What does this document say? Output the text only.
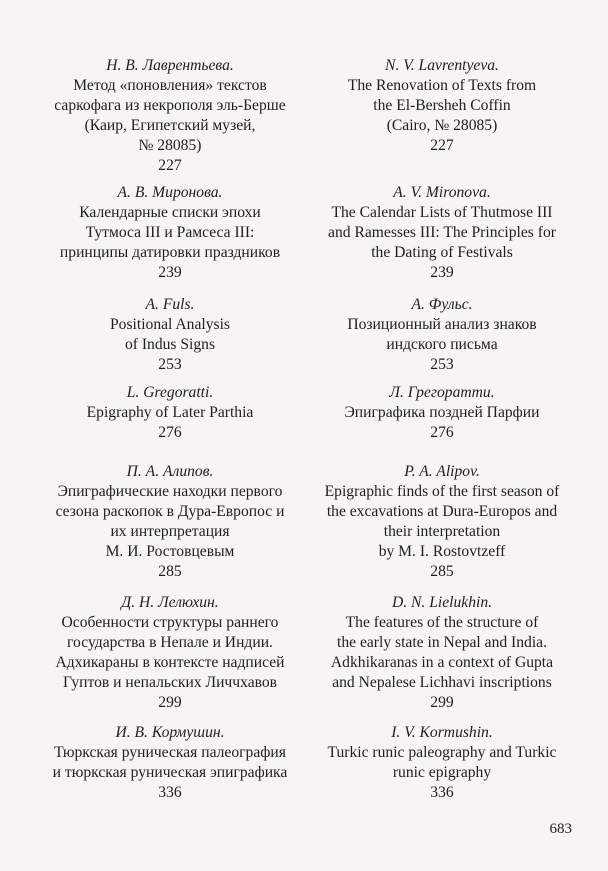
Н. В. Лаврентьева.
Метод «поновления» текстов
саркофага из некрополя эль-Берше
(Каир, Египетский музей,
№ 28085)
227
N. V. Lavrentyeva.
The Renovation of Texts from
the El-Bersheh Coffin
(Cairo, № 28085)
227
А. В. Миронова.
Календарные списки эпохи
Тутмоса III и Рамсеса III:
принципы датировки праздников
239
A. V. Mironova.
The Calendar Lists of Thutmose III
and Ramesses III: The Principles for
the Dating of Festivals
239
A. Fuls.
Positional Analysis
of Indus Signs
253
А. Фульс.
Позиционный анализ знаков
индского письма
253
L. Gregoratti.
Epigraphy of Later Parthia
276
Л. Грегоратти.
Эпиграфика поздней Парфии
276
П. А. Алипов.
Эпиграфические находки первого
сезона раскопок в Дура-Европос и
их интерпретация
М. И. Ростовцевым
285
P. A. Alipov.
Epigraphic finds of the first season of
the excavations at Dura-Europos and
their interpretation
by M. I. Rostovtzeff
285
Д. Н. Лелюхин.
Особенности структуры раннего
государства в Непале и Индии.
Адхикараны в контексте надписей
Гуптов и непальских Личчхавов
299
D. N. Lielukhin.
The features of the structure of
the early state in Nepal and India.
Adkhikaranas in a context of Gupta
and Nepalese Lichhavi inscriptions
299
И. В. Кормушин.
Тюркская руническая палеография
и тюркская руническая эпиграфика
336
I. V. Kormushin.
Turkic runic paleography and Turkic
runic epigraphy
336
683
